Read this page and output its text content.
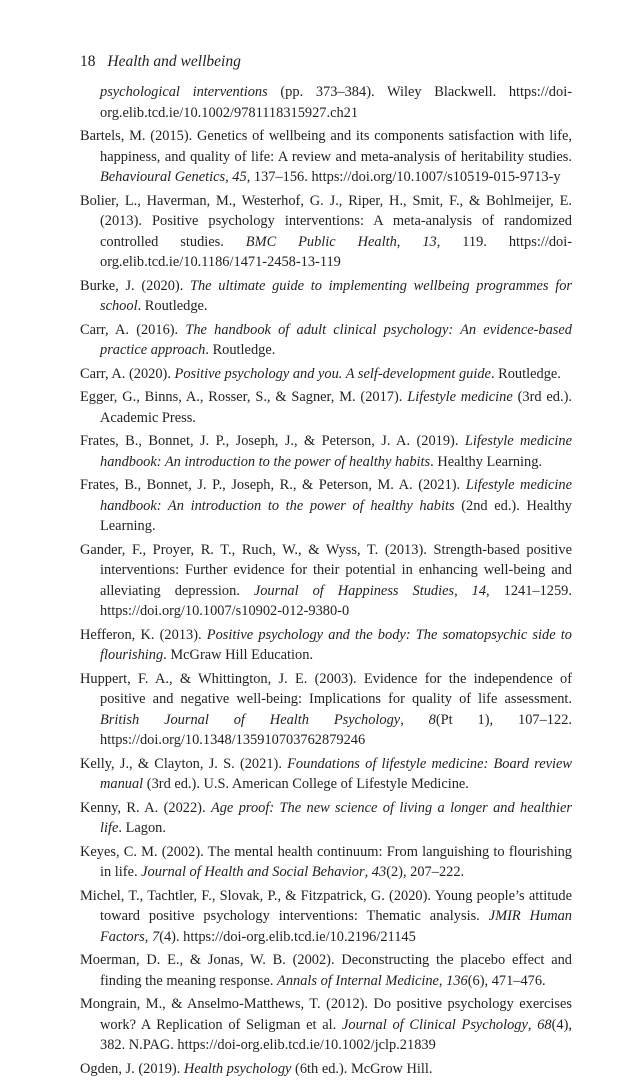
18 Health and wellbeing

psychological interventions (pp. 373–384). Wiley Blackwell. https://doi-org.elib.tcd.ie/10.1002/9781118315927.ch21

Bartels, M. (2015). Genetics of wellbeing and its components satisfaction with life, happiness, and quality of life: A review and meta-analysis of heritability studies. Behavioural Genetics, 45, 137–156. https://doi.org/10.1007/s10519-015-9713-y

Bolier, L., Haverman, M., Westerhof, G. J., Riper, H., Smit, F., & Bohlmeijer, E. (2013). Positive psychology interventions: A meta-analysis of randomized controlled studies. BMC Public Health, 13, 119. https://doi-org.elib.tcd.ie/10.1186/1471-2458-13-119

Burke, J. (2020). The ultimate guide to implementing wellbeing programmes for school. Routledge.

Carr, A. (2016). The handbook of adult clinical psychology: An evidence-based practice approach. Routledge.

Carr, A. (2020). Positive psychology and you. A self-development guide. Routledge.

Egger, G., Binns, A., Rosser, S., & Sagner, M. (2017). Lifestyle medicine (3rd ed.). Academic Press.

Frates, B., Bonnet, J. P., Joseph, J., & Peterson, J. A. (2019). Lifestyle medicine handbook: An introduction to the power of healthy habits. Healthy Learning.

Frates, B., Bonnet, J. P., Joseph, R., & Peterson, M. A. (2021). Lifestyle medicine handbook: An introduction to the power of healthy habits (2nd ed.). Healthy Learning.

Gander, F., Proyer, R. T., Ruch, W., & Wyss, T. (2013). Strength-based positive interventions: Further evidence for their potential in enhancing well-being and alleviating depression. Journal of Happiness Studies, 14, 1241–1259. https://doi.org/10.1007/s10902-012-9380-0

Hefferon, K. (2013). Positive psychology and the body: The somatopsychic side to flourishing. McGraw Hill Education.

Huppert, F. A., & Whittington, J. E. (2003). Evidence for the independence of positive and negative well-being: Implications for quality of life assessment. British Journal of Health Psychology, 8(Pt 1), 107–122. https://doi.org/10.1348/135910703762879246

Kelly, J., & Clayton, J. S. (2021). Foundations of lifestyle medicine: Board review manual (3rd ed.). U.S. American College of Lifestyle Medicine.

Kenny, R. A. (2022). Age proof: The new science of living a longer and healthier life. Lagon.

Keyes, C. M. (2002). The mental health continuum: From languishing to flourishing in life. Journal of Health and Social Behavior, 43(2), 207–222.

Michel, T., Tachtler, F., Slovak, P., & Fitzpatrick, G. (2020). Young people’s attitude toward positive psychology interventions: Thematic analysis. JMIR Human Factors, 7(4). https://doi-org.elib.tcd.ie/10.2196/21145

Moerman, D. E., & Jonas, W. B. (2002). Deconstructing the placebo effect and finding the meaning response. Annals of Internal Medicine, 136(6), 471–476.

Mongrain, M., & Anselmo-Matthews, T. (2012). Do positive psychology exercises work? A Replication of Seligman et al. Journal of Clinical Psychology, 68(4), 382. N.PAG. https://doi-org.elib.tcd.ie/10.1002/jclp.21839

Ogden, J. (2019). Health psychology (6th ed.). McGrow Hill.
